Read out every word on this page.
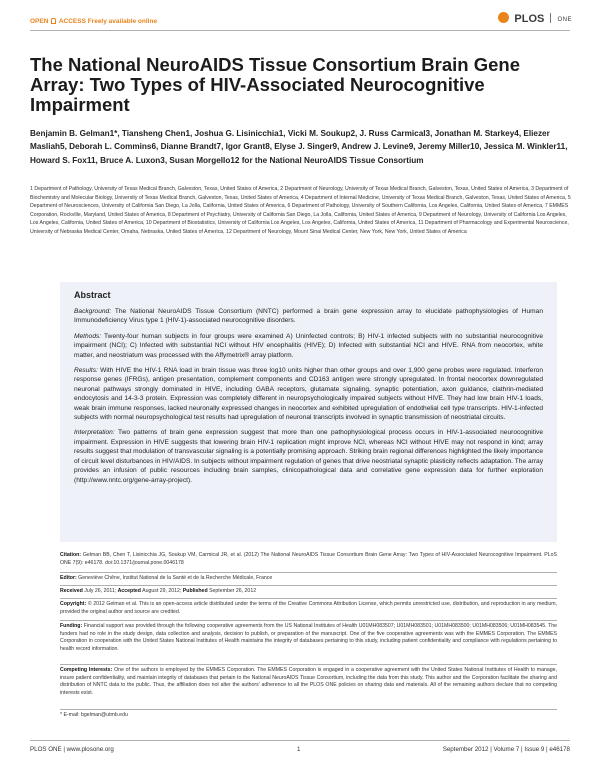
OPEN ACCESS Freely available online	PLOS ONE
The National NeuroAIDS Tissue Consortium Brain Gene Array: Two Types of HIV-Associated Neurocognitive Impairment
Benjamin B. Gelman1*, Tiansheng Chen1, Joshua G. Lisinicchia1, Vicki M. Soukup2, J. Russ Carmical3, Jonathan M. Starkey4, Eliezer Masliah5, Deborah L. Commins6, Dianne Brandt7, Igor Grant8, Elyse J. Singer9, Andrew J. Levine9, Jeremy Miller10, Jessica M. Winkler11, Howard S. Fox11, Bruce A. Luxon3, Susan Morgello12 for the National NeuroAIDS Tissue Consortium
1 Department of Pathology, University of Texas Medical Branch, Galveston, Texas, United States of America, 2 Department of Neurology, University of Texas Medical Branch, Galveston, Texas, United States of America, 3 Department of Biochemistry and Molecular Biology, University of Texas Medical Branch, Galveston, Texas, United States of America, 4 Department of Internal Medicine, University of Texas Medical Branch, Galveston, Texas, United States of America, 5 Department of Neurosciences, University of California San Diego, La Jolla, California, United States of America, 6 Department of Pathology, University of Southern California, Los Angeles, California, United States of America, 7 EMMES Corporation, Rockville, Maryland, United States of America, 8 Department of Psychiatry, University of California San Diego, La Jolla, California, United States of America, 9 Department of Neurology, University of California Los Angeles, Los Angeles, California, United States of America, 10 Department of Biostatistics, University of California Los Angeles, Los Angeles, California, United States of America, 11 Department of Pharmacology and Experimental Neuroscience, University of Nebraska Medical Center, Omaha, Nebraska, United States of America, 12 Department of Neurology, Mount Sinai Medical Center, New York, New York, United States of America
Abstract
Background: The National NeuroAIDS Tissue Consortium (NNTC) performed a brain gene expression array to elucidate pathophysiologies of Human Immunodeficiency Virus type 1 (HIV-1)-associated neurocognitive disorders.
Methods: Twenty-four human subjects in four groups were examined A) Uninfected controls; B) HIV-1 infected subjects with no substantial neurocognitive impairment (NCI); C) Infected with substantial NCI without HIV encephalitis (HIVE); D) Infected with substantial NCI and HIVE. RNA from neocortex, white matter, and neostriatum was processed with the Affymetrix® array platform.
Results: With HIVE the HIV-1 RNA load in brain tissue was three log10 units higher than other groups and over 1,900 gene probes were regulated. Interferon response genes (IFRGs), antigen presentation, complement components and CD163 antigen were strongly upregulated. In frontal neocortex downregulated neuronal pathways strongly dominated in HIVE, including GABA receptors, glutamate signaling, synaptic potentiation, axon guidance, clathrin-mediated endocytosis and 14-3-3 protein. Expression was completely different in neuropsychologically impaired subjects without HIVE. They had low brain HIV-1 loads, weak brain immune responses, lacked neuronally expressed changes in neocortex and exhibited upregulation of endothelial cell type transcripts. HIV-1-infected subjects with normal neuropsychological test results had upregulation of neuronal transcripts involved in synaptic transmission of neostriatal circuits.
Interpretation: Two patterns of brain gene expression suggest that more than one pathophysiological process occurs in HIV-1-associated neurocognitive impairment. Expression in HIVE suggests that lowering brain HIV-1 replication might improve NCI, whereas NCI without HIVE may not respond in kind; array results suggest that modulation of transvascular signaling is a potentially promising approach. Striking brain regional differences highlighted the likely importance of circuit level disturbances in HIV/AIDS. In subjects without impairment regulation of genes that drive neostriatal synaptic plasticity reflects adaptation. The array provides an infusion of public resources including brain samples, clinicopathological data and correlative gene expression data for further exploration (http://www.nntc.org/gene-array-project).
Citation: Gelman BB, Chen T, Lisinicchia JG, Soukup VM, Carmical JR, et al. (2012) The National NeuroAIDS Tissue Consortium Brain Gene Array: Two Types of HIV-Associated Neurocognitive Impairment. PLoS ONE 7(9): e46178. doi:10.1371/journal.pone.0046178
Editor: Geneviève Chêne, Institut National de la Santé et de la Recherche Médicale, France
Received July 26, 2011; Accepted August 29, 2012; Published September 26, 2012
Copyright: © 2012 Gelman et al. This is an open-access article distributed under the terms of the Creative Commons Attribution License, which permits unrestricted use, distribution, and reproduction in any medium, provided the original author and source are credited.
Funding: Financial support was provided through the following cooperative agreements from the US National Institutes of Health U01MH083507; U01MH083501; U01MH083500; U01MH083506; U01MH083545. The funders had no role in the study design, data collection and analysis, decision to publish, or preparation of the manuscript. One of the five cooperative agreements was with the EMMES Corporation. The EMMES Corporation in cooperation with the United States National Institutes of Health maintains the integrity of databases pertaining to this study, including patient confidentiality and compliance with regulations pertaining to health record information.
Competing Interests: One of the authors is employed by the EMMES Corporation. The EMMES Corporation is engaged in a cooperative agreement with the United States National Institutes of Health to manage, insure patient confidentiality, and maintain integrity of databases that pertain to the National NeuroAIDS Tissue Consortium, including the data from this study. This author and the Corporation facilitate the sharing and distribution of NNTC data to the public. Thus, the affiliation does not alter the authors' adherence to all the PLOS ONE policies on sharing data and materials. All of the remaining authors declare that no competing interests exist.
* E-mail: bgelman@utmb.edu
PLOS ONE | www.plosone.org	1	September 2012 | Volume 7 | Issue 9 | e46178
